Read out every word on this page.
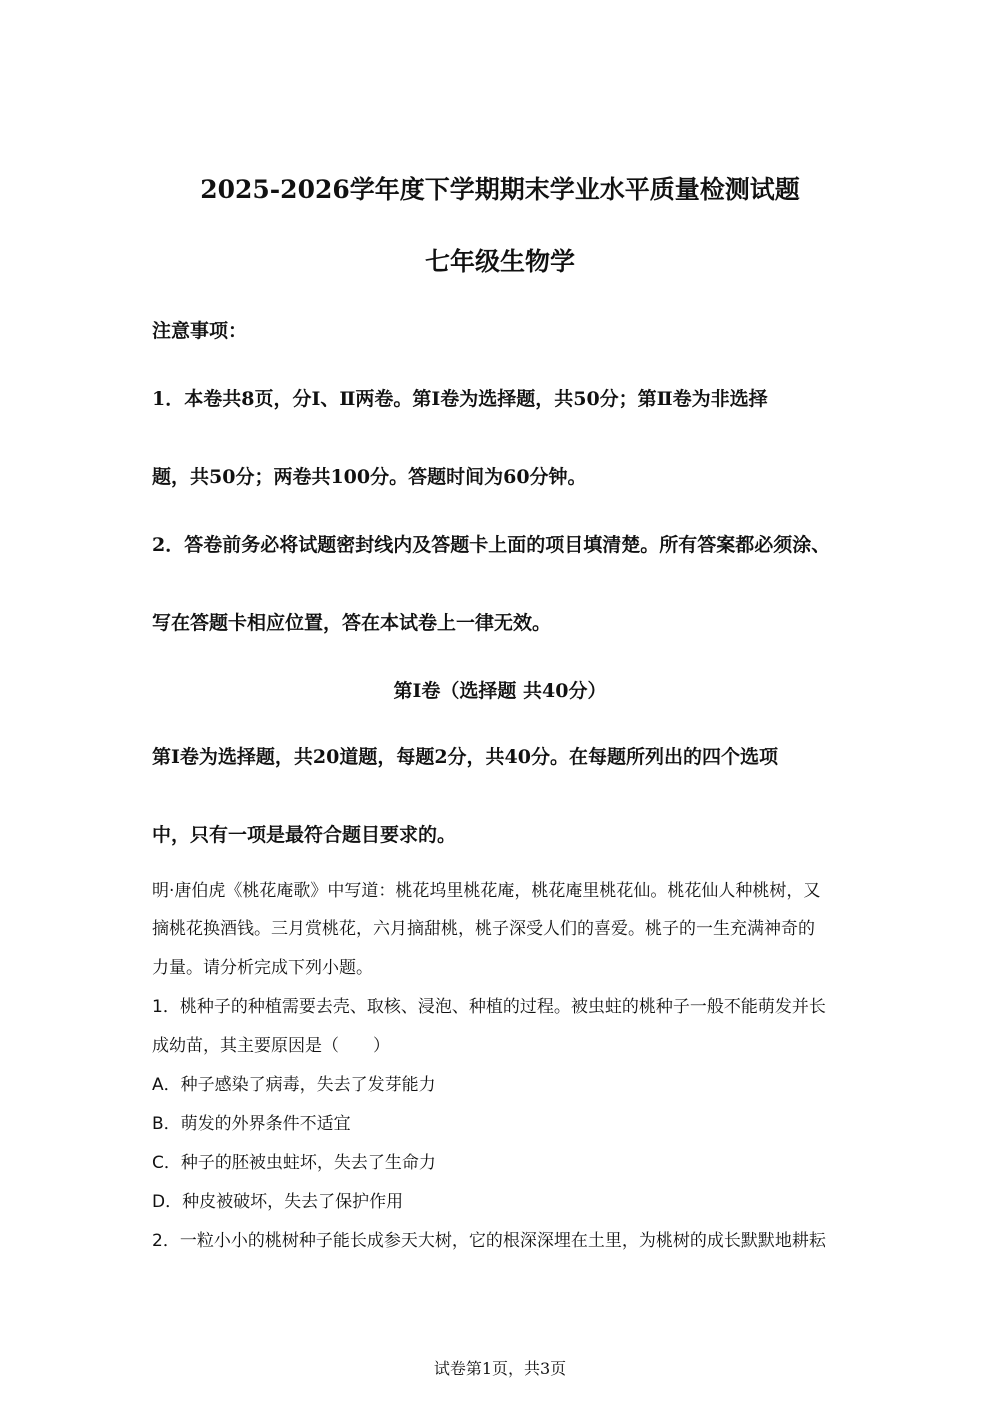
2025-2026学年度下学期期末学业水平质量检测试题
七年级生物学
注意事项：
1．本卷共8页，分Ⅰ、Ⅱ两卷。第Ⅰ卷为选择题，共50分；第Ⅱ卷为非选择
题，共50分；两卷共100分。答题时间为60分钟。
2．答卷前务必将试题密封线内及答题卡上面的项目填清楚。所有答案都必须涂、
写在答题卡相应位置，答在本试卷上一律无效。
第Ⅰ卷（选择题 共40分）
第Ⅰ卷为选择题，共20道题，每题2分，共40分。在每题所列出的四个选项
中，只有一项是最符合题目要求的。
明·唐伯虎《桃花庵歌》中写道：桃花坞里桃花庵，桃花庵里桃花仙。桃花仙人种桃树，又
摘桃花换酒钱。三月赏桃花，六月摘甜桃，桃子深受人们的喜爱。桃子的一生充满神奇的
力量。请分析完成下列小题。
1．桃种子的种植需要去壳、取核、浸泡、种植的过程。被虫蛀的桃种子一般不能萌发并长
成幼苗，其主要原因是（　　）
A．种子感染了病毒，失去了发芽能力
B．萌发的外界条件不适宜
C．种子的胚被虫蛀坏，失去了生命力
D．种皮被破坏，失去了保护作用
2．一粒小小的桃树种子能长成参天大树，它的根深深埋在土里，为桃树的成长默默地耕耘
试卷第1页，共3页
